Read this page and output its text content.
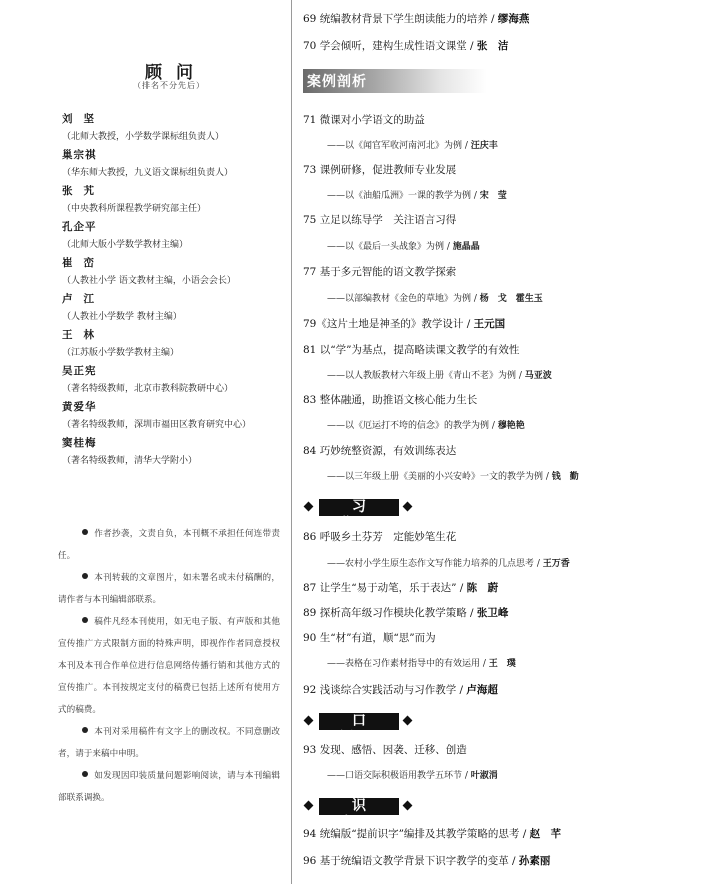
顾问
（排名不分先后）
刘坚
（北师大教授，小学数学课标组负责人）
巢宗祺
（华东师大教授，九义语文课标组负责人）
张艽
（中央教科所课程教学研究部主任）
孔企平
（北师大版小学数学教材主编）
崔峦
（人教社小学 语文教材主编，小语会会长）
卢江
（人教社小学数学 教材主编）
王林
（江苏版小学数学教材主编）
吴正宪
（著名特级教师，北京市教科院教研中心）
黄爱华
（著名特级教师，深圳市福田区教育研究中心）
窦桂梅
（著名特级教师，清华大学附小）
作者抄袭，文责自负，本刊概不承担任何连带责任。
本刊转载的文章图片，如未署名或未付稿酬的，请作者与本刊编辑部联系。
稿件凡经本刊使用，如无电子版、有声版和其他宣传推广方式限制方面的特殊声明，即视作作者同意授权本刊及本刊合作单位进行信息网络传播行销和其他方式的宣传推广。本刊按规定支付的稿费已包括上述所有使用方式的稿费。
本刊对采用稿件有文字上的删改权。不同意删改者，请于来稿中申明。
如发现因印装质量问题影响阅读，请与本刊编辑部联系调换。
69 统编教材背景下学生朗读能力的培养 / 缪海燕
70 学会倾听，建构生成性语文课堂 / 张　洁
案例剖析
71 微课对小学语文的助益
——以《闻官军收河南河北》为例 / 汪庆丰
73 课例研修，促进教师专业发展
——以《油船瓜洲》一课的教学为例 / 宋　莹
75 立足以练导学　关注语言习得
——以《最后一头战象》为例 / 施晶晶
77 基于多元智能的语文教学探索
——以部编教材《金色的草地》为例 / 杨　戈　霍生玉
79《这片土地是神圣的》教学设计 / 王元国
81 以“学”为基点，提高略读课文教学的有效性
——以人教版教材六年级上册《青山不老》为例 / 马亚波
83 整体融通，助推语文核心能力生长
——以《厄运打不垮的信念》的教学为例 / 穆艳艳
84 巧妙统整资源，有效训练表达
——以三年级上册《美丽的小兴安岭》一文的教学为例 / 钱　勤
习作
86 呼吸乡土芬芳　定能妙笔生花
——农村小学生原生态作文写作能力培养的几点思考 / 王万香
87 让学生“易于动笔，乐于表达” / 陈　蔚
89 探析高年级习作模块化教学策略 / 张卫峰
90 生“材”有道，顺“思”而为
——表格在习作素材指导中的有效运用 / 王　璞
92 浅谈综合实践活动与习作教学 / 卢海超
口语
93 发现、感悟、因袭、迁移、创造
——口语交际积极语用教学五环节 / 叶淑涓
识字
94 统编版“提前识字”编排及其教学策略的思考 / 赵　芊
96 基于统编语文教学背景下识字教学的变革 / 孙素丽
